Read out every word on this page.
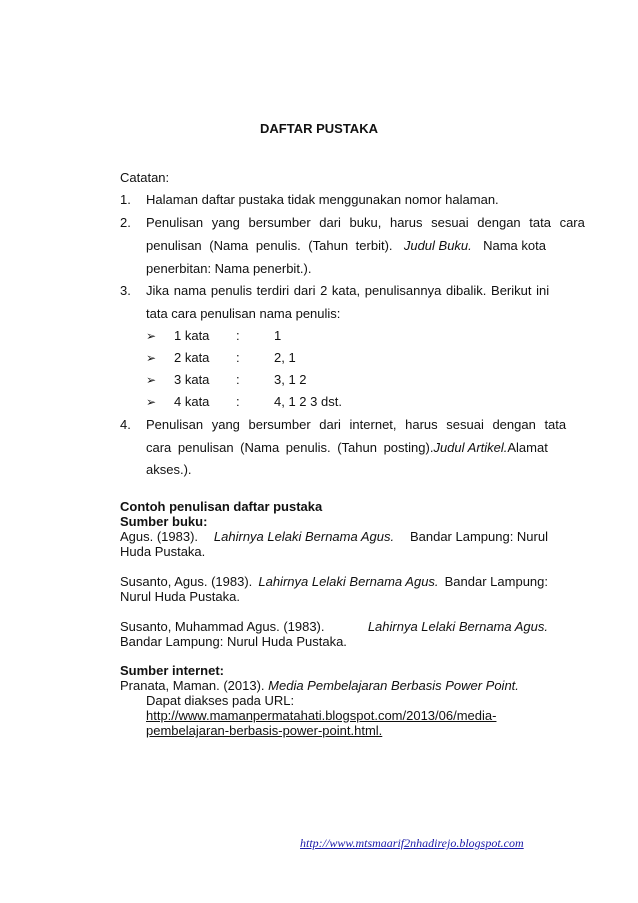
DAFTAR PUSTAKA
Catatan:
1. Halaman daftar pustaka tidak menggunakan nomor halaman.
2. Penulisan yang bersumber dari buku, harus sesuai dengan tata cara
penulisan (Nama penulis. (Tahun terbit). Judul Buku. Nama kota
penerbitan: Nama penerbit.).
3. Jika nama penulis terdiri dari 2 kata, penulisannya dibalik. Berikut ini
tata cara penulisan nama penulis:
➢ 1 kata :	1
➢ 2 kata :	2, 1
➢ 3 kata :	3, 1 2
➢ 4 kata :	4, 1 2 3 dst.
4. Penulisan yang bersumber dari internet, harus sesuai dengan tata
cara penulisan (Nama penulis. (Tahun posting). Judul Artikel. Alamat
akses.).
Contoh penulisan daftar pustaka
Sumber buku:
Agus. (1983). Lahirnya Lelaki Bernama Agus. Bandar Lampung: Nurul
Huda Pustaka.
Susanto, Agus. (1983). Lahirnya Lelaki Bernama Agus. Bandar Lampung:
Nurul Huda Pustaka.
Susanto, Muhammad Agus. (1983).	Lahirnya Lelaki Bernama Agus.
Bandar Lampung: Nurul Huda Pustaka.
Sumber internet:
Pranata, Maman. (2013). Media Pembelajaran Berbasis Power Point.
Dapat diakses pada URL:
http://www.mamanpermatahati.blogspot.com/2013/06/media-
pembelajaran-berbasis-power-point.html.
http://www.mtsmaarif2nhadirejo.blogspot.com
